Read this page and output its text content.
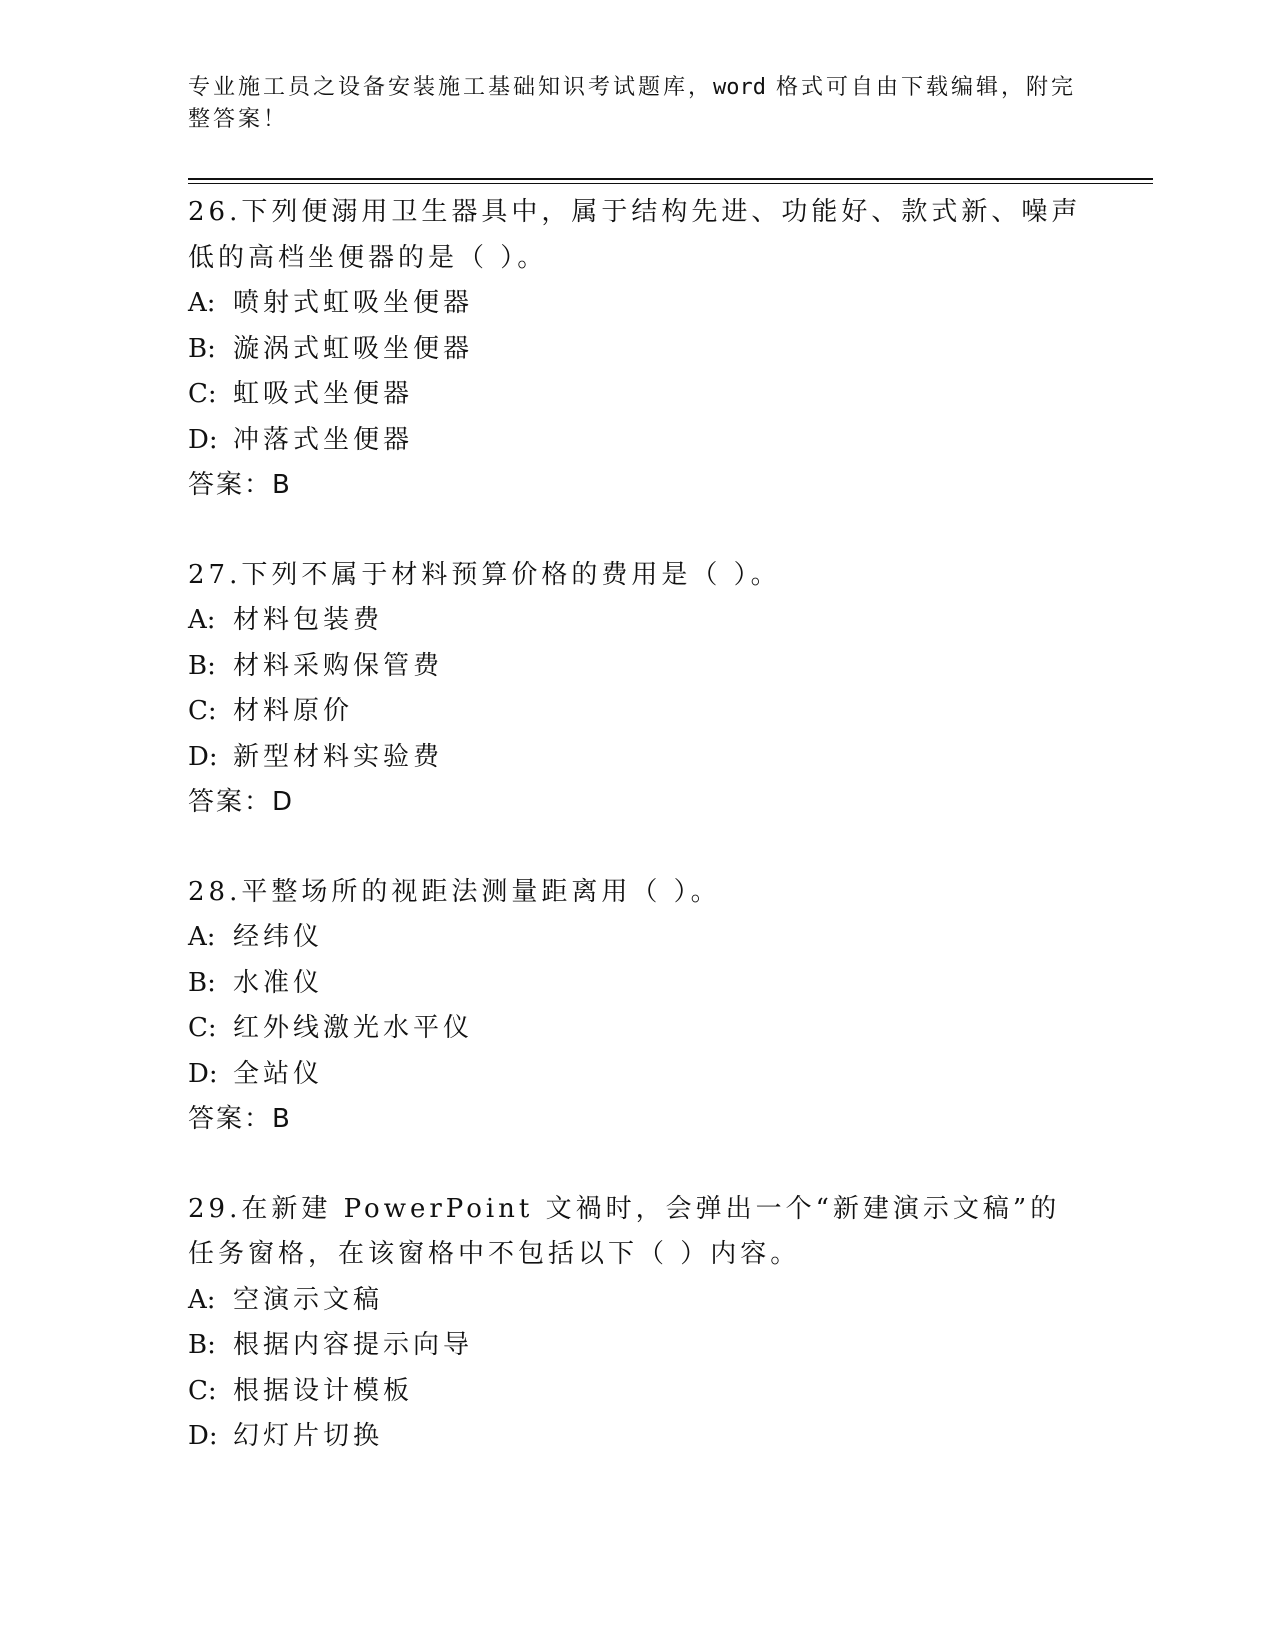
专业施工员之设备安装施工基础知识考试题库，word 格式可自由下载编辑，附完整答案！

26.下列便溺用卫生器具中，属于结构先进、功能好、款式新、噪声低的高档坐便器的是（ ）。

A: 喷射式虹吸坐便器

B: 漩涡式虹吸坐便器

C: 虹吸式坐便器

D: 冲落式坐便器

答案：B

27.下列不属于材料预算价格的费用是（ ）。

A: 材料包装费

B: 材料采购保管费

C: 材料原价

D: 新型材料实验费

答案：D

28.平整场所的视距法测量距离用（ ）。

A: 经纬仪

B: 水准仪

C: 红外线激光水平仪

D: 全站仪

答案：B

29.在新建 PowerPoint 文禍时，会弹出一个“新建演示文稿”的任务窗格，在该窗格中不包括以下（ ）内容。

A: 空演示文稿

B: 根据内容提示向导

C: 根据设计模板

D: 幻灯片切换
